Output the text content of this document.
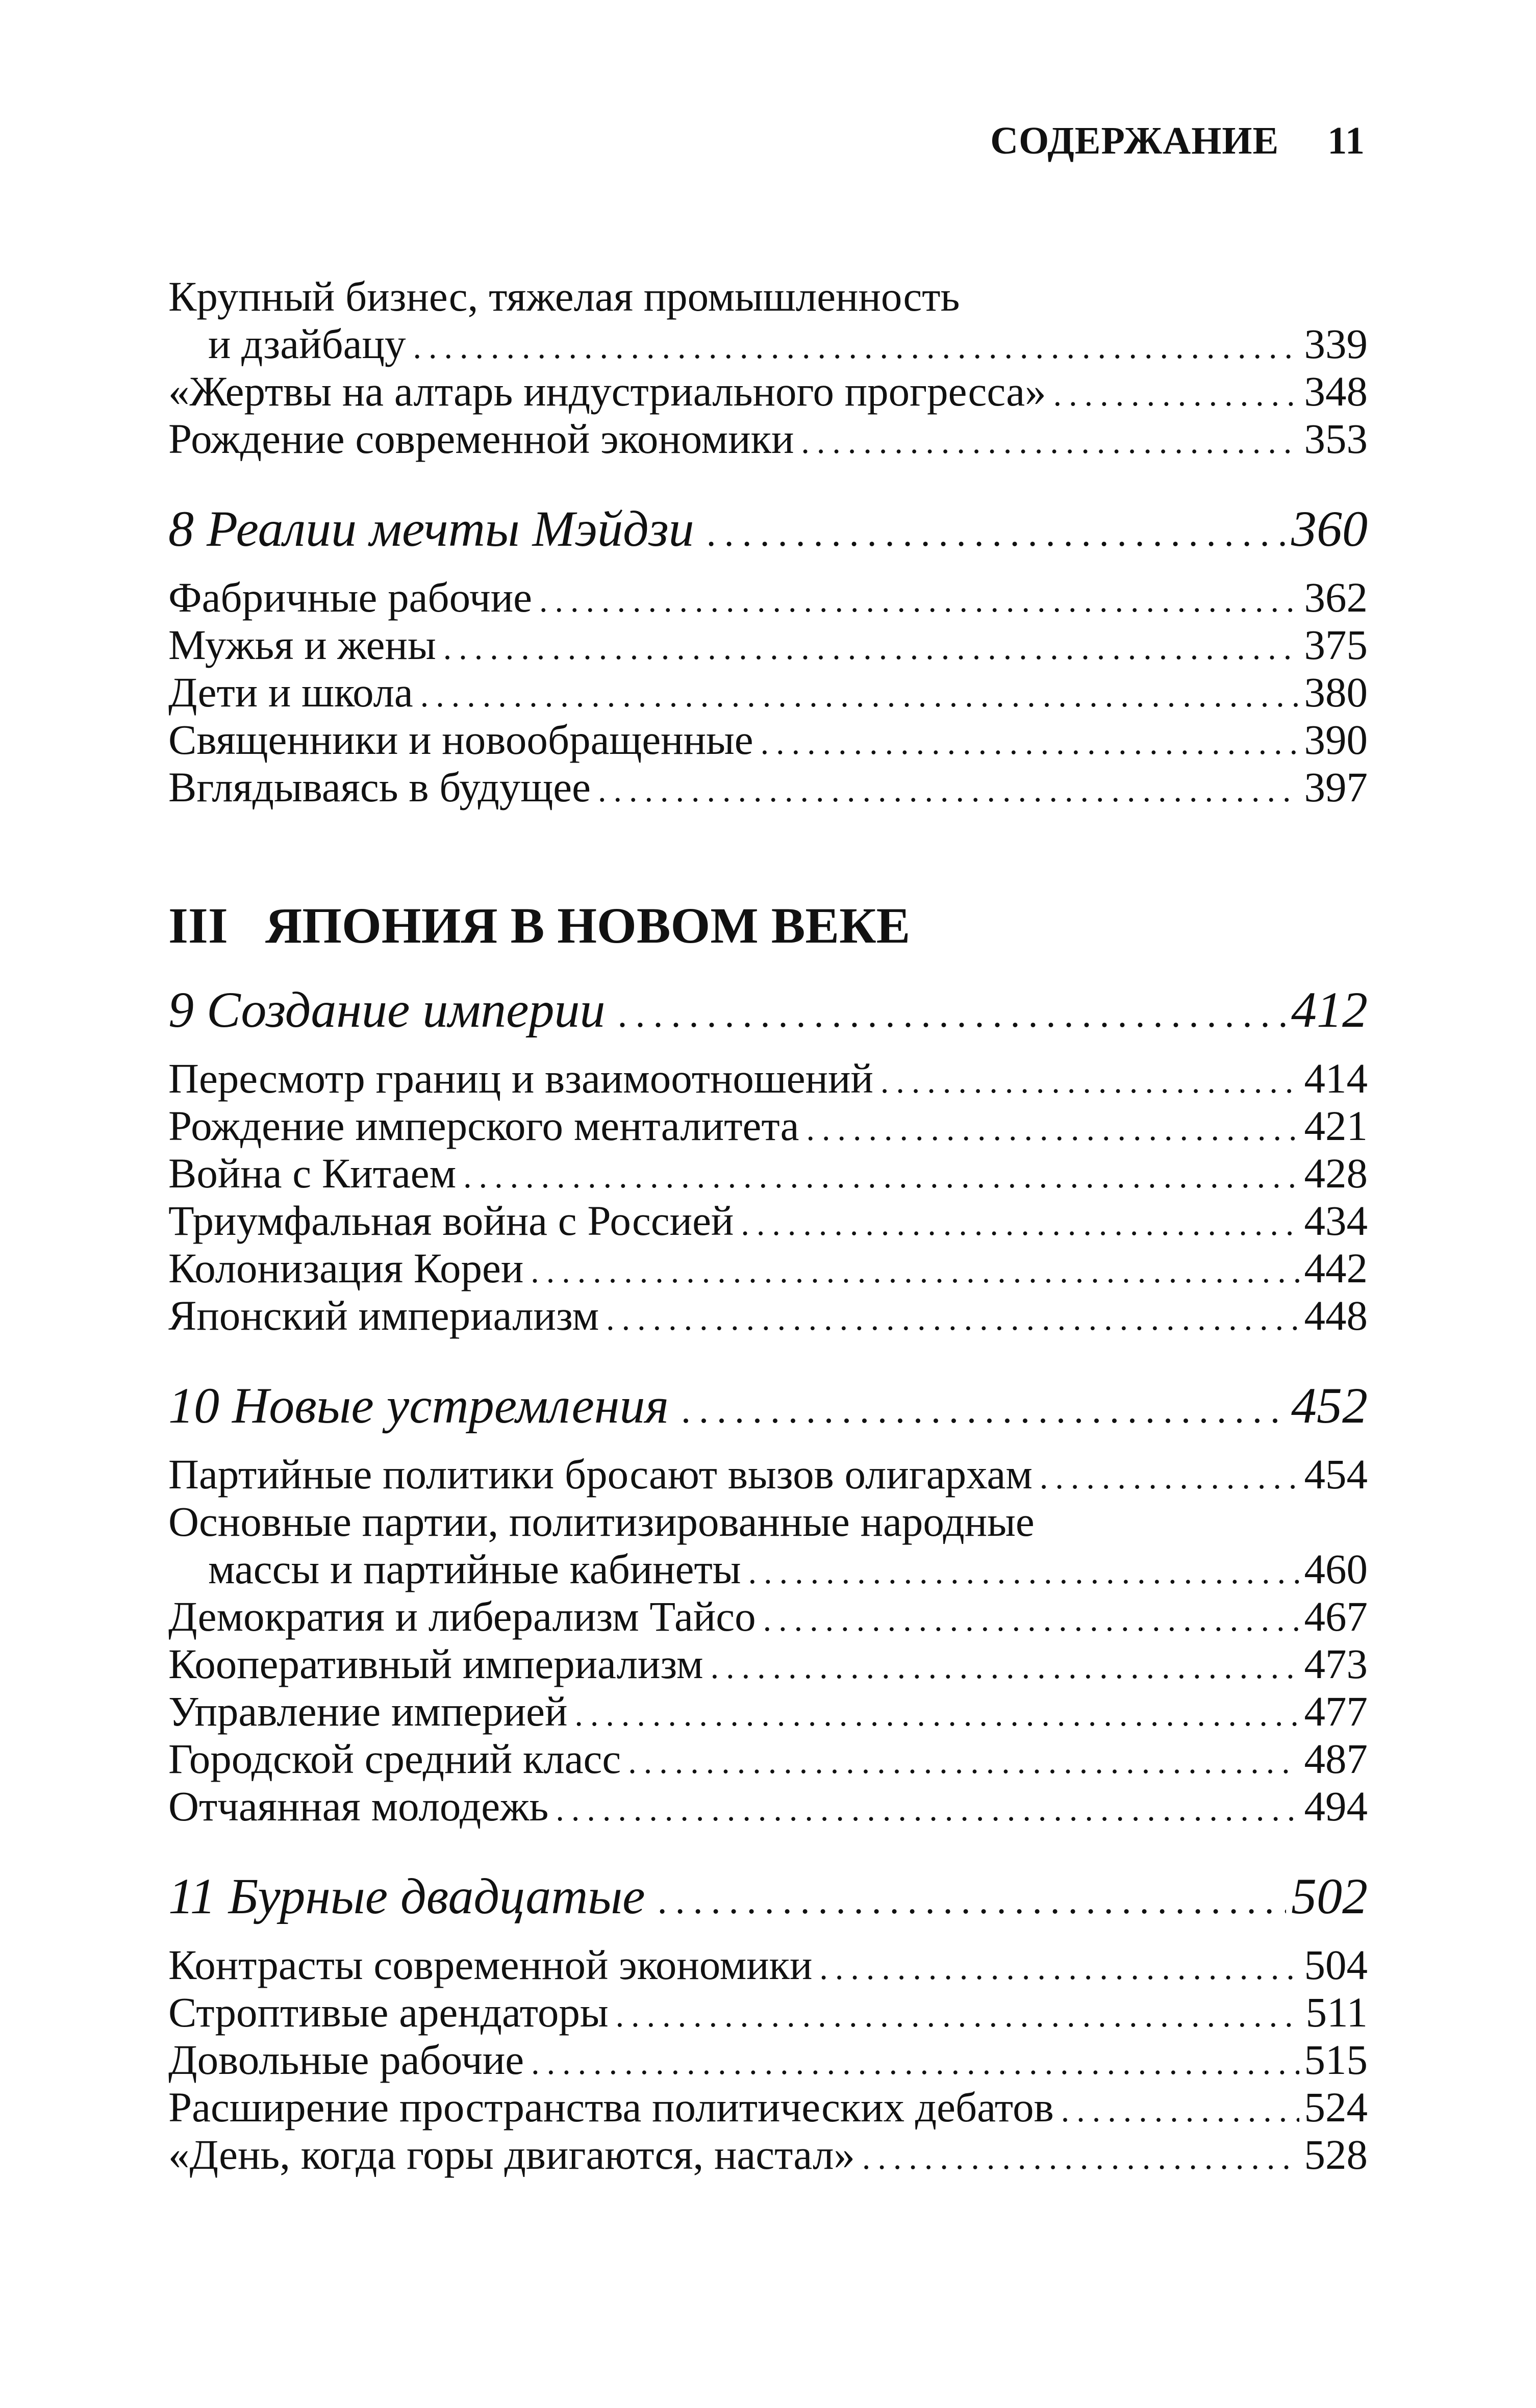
СОДЕРЖАНИЕ 11
Крупный бизнес, тяжелая промышленность
и дзайбацу .....	339
«Жертвы на алтарь индустриального прогресса» .....	348
Рождение современной экономики .....	353
8 Реалии мечты Мэйдзи .....	360
Фабричные рабочие .....	362
Мужья и жены .....	375
Дети и школа .....	380
Священники и новообращенные .....	390
Вглядываясь в будущее .....	397
III ЯПОНИЯ В НОВОМ ВЕКЕ
9 Создание империи .....	412
Пересмотр границ и взаимоотношений .....	414
Рождение имперского менталитета .....	421
Война с Китаем .....	428
Триумфальная война с Россией .....	434
Колонизация Кореи .....	442
Японский империализм .....	448
10 Новые устремления .....	452
Партийные политики бросают вызов олигархам .....	454
Основные партии, политизированные народные
массы и партийные кабинеты .....	460
Демократия и либерализм Тайсо .....	467
Кооперативный империализм .....	473
Управление империей .....	477
Городской средний класс .....	487
Отчаянная молодежь .....	494
11 Бурные двадцатые .....	502
Контрасты современной экономики .....	504
Строптивые арендаторы .....	511
Довольные рабочие .....	515
Расширение пространства политических дебатов .....	524
«День, когда горы двигаются, настал» .....	528
